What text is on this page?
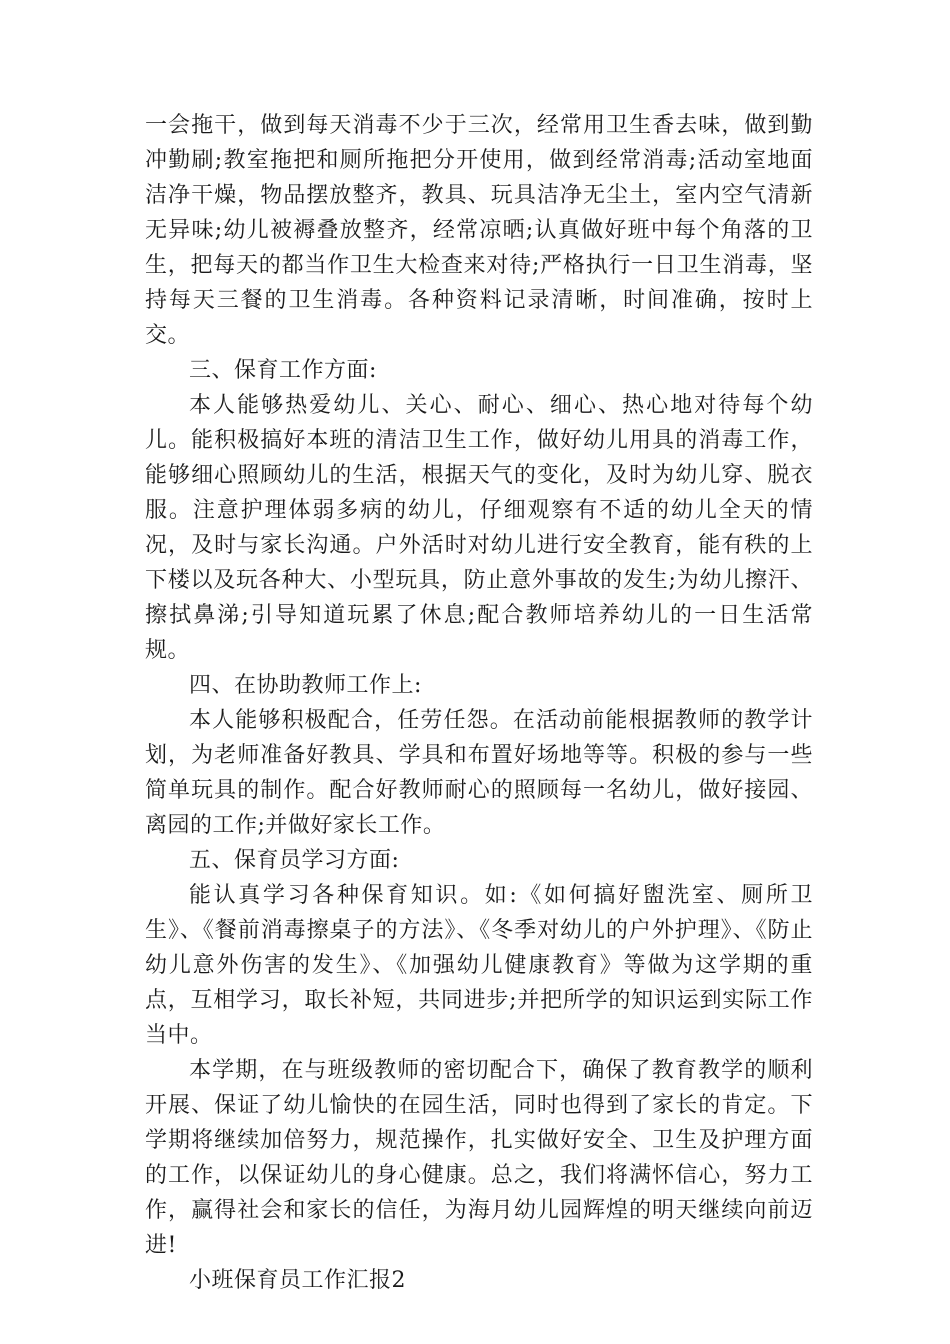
一会拖干，做到每天消毒不少于三次，经常用卫生香去味，做到勤冲勤刷;教室拖把和厕所拖把分开使用，做到经常消毒;活动室地面洁净干燥，物品摆放整齐，教具、玩具洁净无尘土，室内空气清新无异味;幼儿被褥叠放整齐，经常凉晒;认真做好班中每个角落的卫生，把每天的都当作卫生大检查来对待;严格执行一日卫生消毒，坚持每天三餐的卫生消毒。各种资料记录清晰，时间准确，按时上交。

三、保育工作方面:

本人能够热爱幼儿、关心、耐心、细心、热心地对待每个幼儿。能积极搞好本班的清洁卫生工作，做好幼儿用具的消毒工作，能够细心照顾幼儿的生活，根据天气的变化，及时为幼儿穿、脱衣服。注意护理体弱多病的幼儿，仔细观察有不适的幼儿全天的情况，及时与家长沟通。户外活时对幼儿进行安全教育，能有秩的上下楼以及玩各种大、小型玩具，防止意外事故的发生;为幼儿擦汗、擦拭鼻涕;引导知道玩累了休息;配合教师培养幼儿的一日生活常规。

四、在协助教师工作上:

本人能够积极配合，任劳任怨。在活动前能根据教师的教学计划，为老师准备好教具、学具和布置好场地等等。积极的参与一些简单玩具的制作。配合好教师耐心的照顾每一名幼儿，做好接园、离园的工作;并做好家长工作。

五、保育员学习方面:

能认真学习各种保育知识。如:《如何搞好盥洗室、厕所卫生》、《餐前消毒擦桌子的方法》、《冬季对幼儿的户外护理》、《防止幼儿意外伤害的发生》、《加强幼儿健康教育》等做为这学期的重点，互相学习，取长补短，共同进步;并把所学的知识运到实际工作当中。

本学期，在与班级教师的密切配合下，确保了教育教学的顺利开展、保证了幼儿愉快的在园生活，同时也得到了家长的肯定。下学期将继续加倍努力，规范操作，扎实做好安全、卫生及护理方面的工作，以保证幼儿的身心健康。总之，我们将满怀信心，努力工作，赢得社会和家长的信任，为海月幼儿园辉煌的明天继续向前迈进!

小班保育员工作汇报2
